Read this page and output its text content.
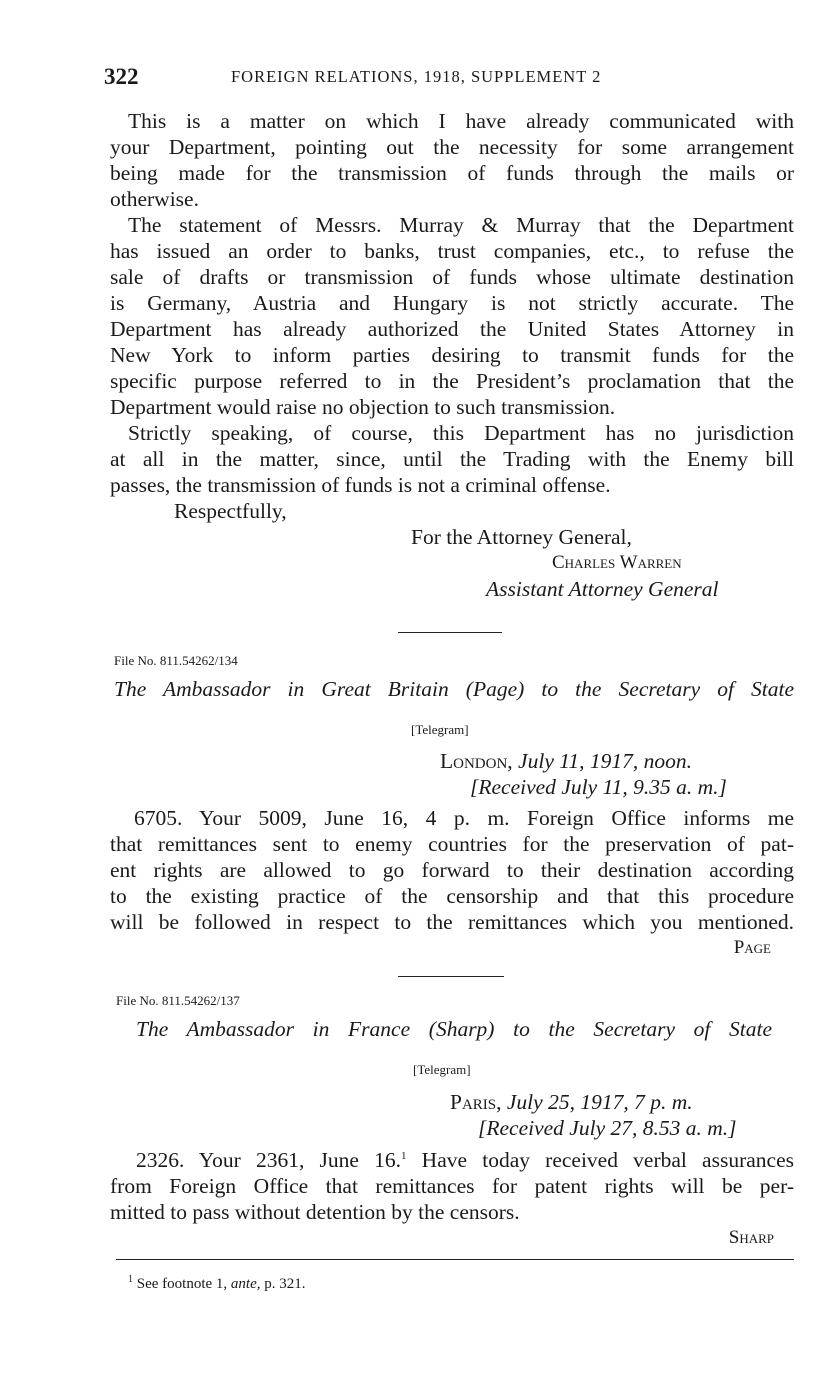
322	FOREIGN RELATIONS, 1918, SUPPLEMENT 2
This is a matter on which I have already communicated with
your Department, pointing out the necessity for some arrangement
being made for the transmission of funds through the mails or
otherwise.
The statement of Messrs. Murray & Murray that the Department
has issued an order to banks, trust companies, etc., to refuse the
sale of drafts or transmission of funds whose ultimate destination
is Germany, Austria and Hungary is not strictly accurate. The
Department has already authorized the United States Attorney in
New York to inform parties desiring to transmit funds for the
specific purpose referred to in the President’s proclamation that the
Department would raise no objection to such transmission.
Strictly speaking, of course, this Department has no jurisdiction
at all in the matter, since, until the Trading with the Enemy bill
passes, the transmission of funds is not a criminal offense.
Respectfully,
For the Attorney General,
Charles Warren
Assistant Attorney General
File No. 811.54262/134
The Ambassador in Great Britain (Page) to the Secretary of State
[Telegram]
London, July 11, 1917, noon.
[Received July 11, 9.35 a. m.]
6705. Your 5009, June 16, 4 p. m. Foreign Office informs me
that remittances sent to enemy countries for the preservation of pat-
ent rights are allowed to go forward to their destination according
to the existing practice of the censorship and that this procedure
will be followed in respect to the remittances which you mentioned.
Page
File No. 811.54262/137
The Ambassador in France (Sharp) to the Secretary of State
[Telegram]
Paris, July 25, 1917, 7 p. m.
[Received July 27, 8.53 a. m.]
2326. Your 2361, June 16.$^1$ Have today received verbal assurances
from Foreign Office that remittances for patent rights will be per-
mitted to pass without detention by the censors.
Sharp
$^1$ See footnote 1, ante, p. 321.
